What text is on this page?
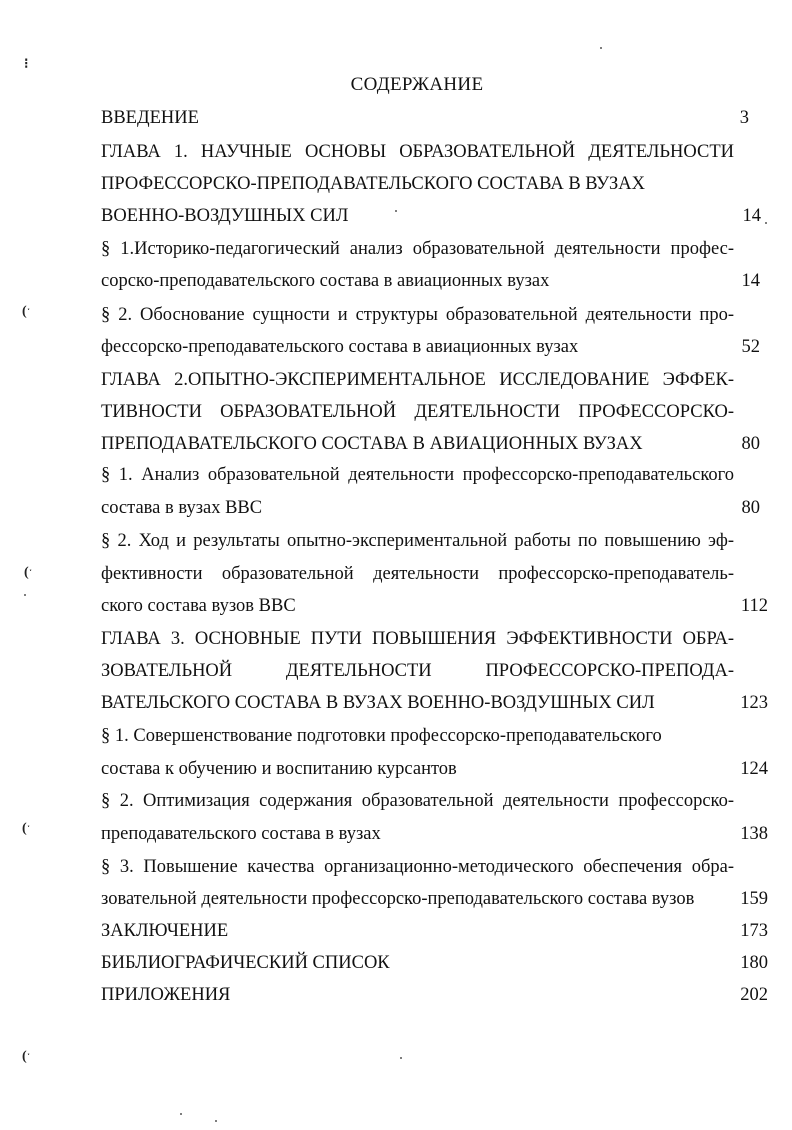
⁝
(ˑ
(ˑ
(ˑ
(ˑ
СОДЕРЖАНИЕ
ВВЕДЕНИЕ	3
ГЛАВА 1. НАУЧНЫЕ ОСНОВЫ ОБРАЗОВАТЕЛЬНОЙ ДЕЯТЕЛЬНОСТИ
ПРОФЕССОРСКО-ПРЕПОДАВАТЕЛЬСКОГО СОСТАВА В ВУЗАХ
ВОЕННО-ВОЗДУШНЫХ СИЛ	14
§ 1.Историко-педагогический анализ образовательной деятельности профес-
сорско-преподавательского состава в авиационных вузах	14
§ 2. Обоснование сущности и структуры образовательной деятельности про-
фессорско-преподавательского состава в авиационных вузах	52
ГЛАВА 2.ОПЫТНО-ЭКСПЕРИМЕНТАЛЬНОЕ ИССЛЕДОВАНИЕ ЭФФЕК-
ТИВНОСТИ ОБРАЗОВАТЕЛЬНОЙ ДЕЯТЕЛЬНОСТИ ПРОФЕССОРСКО-
ПРЕПОДАВАТЕЛЬСКОГО СОСТАВА В АВИАЦИОННЫХ ВУЗАХ	80
§ 1. Анализ образовательной деятельности профессорско-преподавательского
состава в вузах ВВС	80
§ 2. Ход и результаты опытно-экспериментальной работы по повышению эф-
фективности образовательной деятельности профессорско-преподаватель-
ского состава вузов ВВС	112
ГЛАВА 3. ОСНОВНЫЕ ПУТИ ПОВЫШЕНИЯ ЭФФЕКТИВНОСТИ ОБРА-
ЗОВАТЕЛЬНОЙ ДЕЯТЕЛЬНОСТИ ПРОФЕССОРСКО-ПРЕПОДА-
ВАТЕЛЬСКОГО СОСТАВА В ВУЗАХ ВОЕННО-ВОЗДУШНЫХ СИЛ	123
§ 1. Совершенствование подготовки профессорско-преподавательского
состава к обучению и воспитанию курсантов	124
§ 2. Оптимизация содержания образовательной деятельности профессорско-
преподавательского состава в вузах	138
§ 3. Повышение качества организационно-методического обеспечения обра-
зовательной деятельности профессорско-преподавательского состава вузов	159
ЗАКЛЮЧЕНИЕ	173
БИБЛИОГРАФИЧЕСКИЙ СПИСОК	180
ПРИЛОЖЕНИЯ	202
